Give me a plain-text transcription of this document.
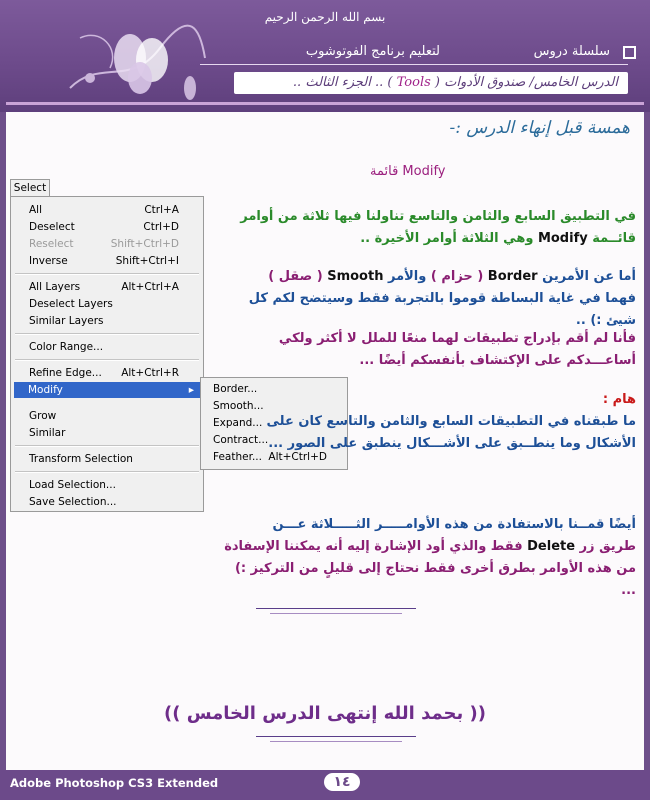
بسم الله الرحمن الرحيم
سلسلة دروس
لتعليم برنامج الفوتوشوب
الدرس الخامس/ صندوق الأدوات ( Tools ) .. الجزء الثالث ..
همسة قبل إنهاء الدرس :-
قائمة Modify
Select
All	Ctrl+A
Deselect	Ctrl+D
Reselect	Shift+Ctrl+D
Inverse	Shift+Ctrl+I
All Layers	Alt+Ctrl+A
Deselect Layers
Similar Layers
Color Range...
Refine Edge... Alt+Ctrl+R
Modify	▸
Grow
Similar
Transform Selection
Load Selection...
Save Selection...
Border...
Smooth...
Expand...
Contract...
Feather... Alt+Ctrl+D
في التطبيق السابع والثامن والتاسع تناولنا فيها ثلاثة من أوامر قائــمة Modify وهي الثلاثة أوامر الأخيرة ..
أما عن الأمرين Border ( حزام ) والأمر Smooth ( صقل ) فهما في غاية البساطة قوموا بالتجربة فقط وسيتضح لكم كل شيئ :) ..
فأنا لم أقم بإدراج تطبيقات لهما منعًا للملل لا أكثر ولكي أساعـــدكم على الإكتشاف بأنفسكم أيضًا ...
هام :
ما طبقناه في التطبيقات السابع والثامن والتاسع كان على الأشكال وما ينطــبق على الأشـــكال ينطبق على الصور ...
أيضًا قمــنا بالاستفادة من هذه الأوامـــــر الثـــــلاثة عـــن
طريق زر Delete فقط والذي أود الإشارة إليه أنه يمكننا الإسفادة
من هذه الأوامر بطرق أخرى فقط نحتاج إلى قليلٍ من التركيز :) ...
(( بحمد الله إنتهى الدرس الخامس ))
Adobe Photoshop CS3 Extended	١٤
